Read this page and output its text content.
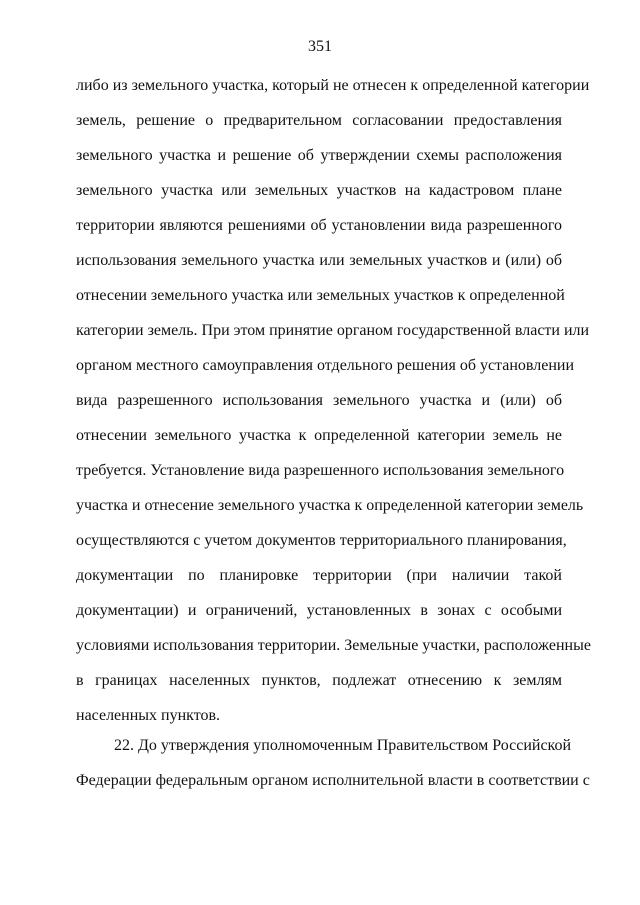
351
либо из земельного участка, который не отнесен к определенной категории
земель, решение о предварительном согласовании предоставления
земельного участка и решение об утверждении схемы расположения
земельного участка или земельных участков на кадастровом плане
территории являются решениями об установлении вида разрешенного
использования земельного участка или земельных участков и (или) об
отнесении земельного участка или земельных участков к определенной
категории земель. При этом принятие органом государственной власти или
органом местного самоуправления отдельного решения об установлении
вида разрешенного использования земельного участка и (или) об
отнесении земельного участка к определенной категории земель не
требуется. Установление вида разрешенного использования земельного
участка и отнесение земельного участка к определенной категории земель
осуществляются с учетом документов территориального планирования,
документации по планировке территории (при наличии такой
документации) и ограничений, установленных в зонах с особыми
условиями использования территории. Земельные участки, расположенные
в границах населенных пунктов, подлежат отнесению к землям
населенных пунктов.
22. До утверждения уполномоченным Правительством Российской
Федерации федеральным органом исполнительной власти в соответствии с
